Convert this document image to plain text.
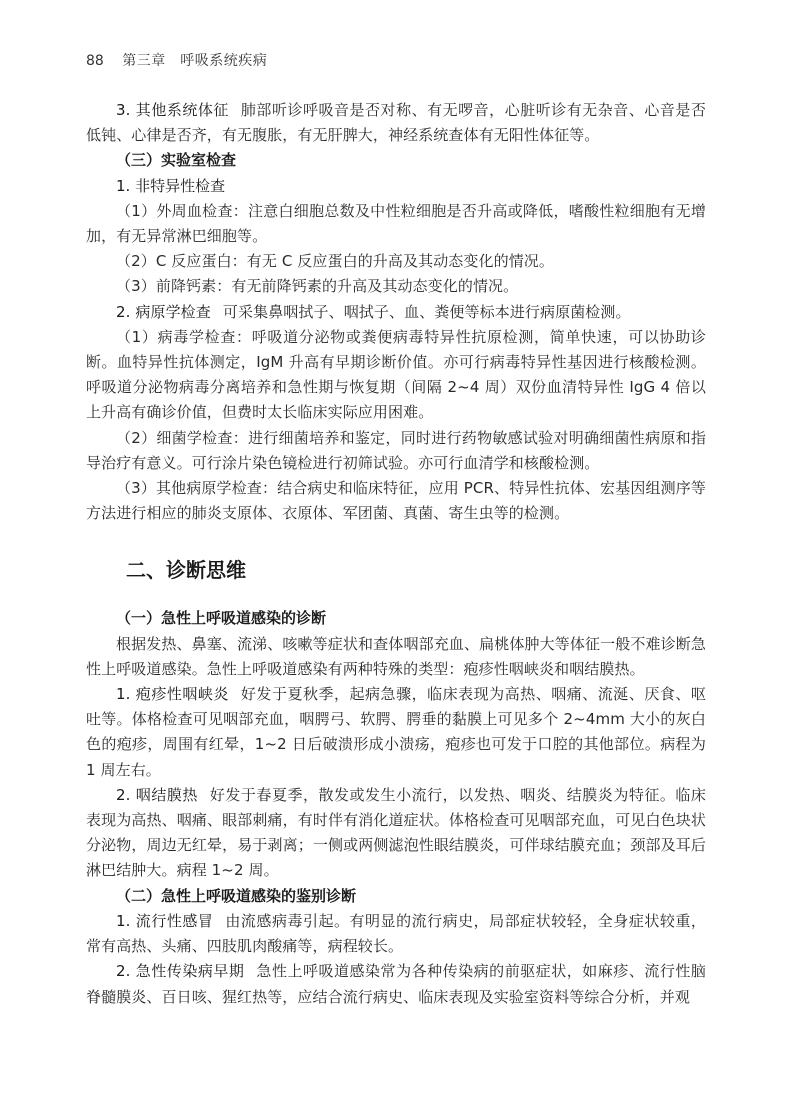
88 第三章　呼吸系统疾病

3. 其他系统体征 肺部听诊呼吸音是否对称、有无啰音，心脏听诊有无杂音、心音是否低钝、心律是否齐，有无腹胀，有无肝脾大，神经系统查体有无阳性体征等。

（三）实验室检查

1. 非特异性检查

（1）外周血检查：注意白细胞总数及中性粒细胞是否升高或降低，嗜酸性粒细胞有无增加，有无异常淋巴细胞等。

（2）C 反应蛋白：有无 C 反应蛋白的升高及其动态变化的情况。

（3）前降钙素：有无前降钙素的升高及其动态变化的情况。

2. 病原学检查 可采集鼻咽拭子、咽拭子、血、粪便等标本进行病原菌检测。

（1）病毒学检查：呼吸道分泌物或粪便病毒特异性抗原检测，简单快速，可以协助诊断。血特异性抗体测定，IgM 升高有早期诊断价值。亦可行病毒特异性基因进行核酸检测。呼吸道分泌物病毒分离培养和急性期与恢复期（间隔 2~4 周）双份血清特异性 IgG 4 倍以上升高有确诊价值，但费时太长临床实际应用困难。

（2）细菌学检查：进行细菌培养和鉴定，同时进行药物敏感试验对明确细菌性病原和指导治疗有意义。可行涂片染色镜检进行初筛试验。亦可行血清学和核酸检测。

（3）其他病原学检查：结合病史和临床特征，应用 PCR、特异性抗体、宏基因组测序等方法进行相应的肺炎支原体、衣原体、军团菌、真菌、寄生虫等的检测。

二、诊断思维

（一）急性上呼吸道感染的诊断

根据发热、鼻塞、流涕、咳嗽等症状和查体咽部充血、扁桃体肿大等体征一般不难诊断急性上呼吸道感染。急性上呼吸道感染有两种特殊的类型：疱疹性咽峡炎和咽结膜热。

1. 疱疹性咽峡炎 好发于夏秋季，起病急骤，临床表现为高热、咽痛、流涎、厌食、呕吐等。体格检查可见咽部充血，咽腭弓、软腭、腭垂的黏膜上可见多个 2~4mm 大小的灰白色的疱疹，周围有红晕，1~2 日后破溃形成小溃疡，疱疹也可发于口腔的其他部位。病程为 1 周左右。

2. 咽结膜热 好发于春夏季，散发或发生小流行，以发热、咽炎、结膜炎为特征。临床表现为高热、咽痛、眼部刺痛，有时伴有消化道症状。体格检查可见咽部充血，可见白色块状分泌物，周边无红晕，易于剥离；一侧或两侧滤泡性眼结膜炎，可伴球结膜充血；颈部及耳后淋巴结肿大。病程 1~2 周。

（二）急性上呼吸道感染的鉴别诊断

1. 流行性感冒 由流感病毒引起。有明显的流行病史，局部症状较轻，全身症状较重，常有高热、头痛、四肢肌肉酸痛等，病程较长。

2. 急性传染病早期 急性上呼吸道感染常为各种传染病的前驱症状，如麻疹、流行性脑脊髓膜炎、百日咳、猩红热等，应结合流行病史、临床表现及实验室资料等综合分析，并观
